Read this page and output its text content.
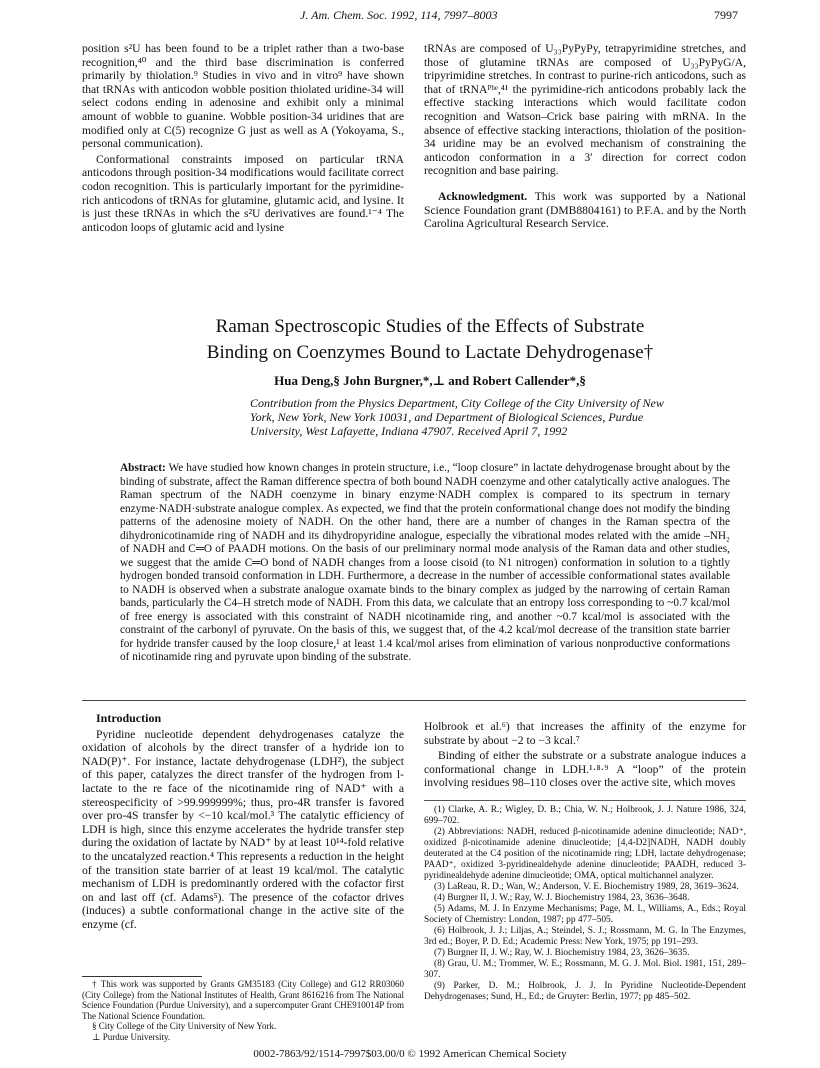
J. Am. Chem. Soc. 1992, 114, 7997–8003	7997

position s²U has been found to be a triplet rather than a two-base recognition,⁴⁰ and the third base discrimination is conferred primarily by thiolation.⁹ Studies in vivo and in vitro⁹ have shown that tRNAs with anticodon wobble position thiolated uridine-34 will select codons ending in adenosine and exhibit only a minimal amount of wobble to guanine. Wobble position-34 uridines that are modified only at C(5) recognize G just as well as A (Yokoyama, S., personal communication).

Conformational constraints imposed on particular tRNA anticodons through position-34 modifications would facilitate correct codon recognition. This is particularly important for the pyrimidine-rich anticodons of tRNAs for glutamine, glutamic acid, and lysine. It is just these tRNAs in which the s²U derivatives are found.¹⁻⁴ The anticodon loops of glutamic acid and lysine

tRNAs are composed of U₃₃PyPyPy, tetrapyrimidine stretches, and those of glutamine tRNAs are composed of U₃₃PyPyG/A, tripyrimidine stretches. In contrast to purine-rich anticodons, such as that of tRNAᴾʰᵉ,⁴¹ the pyrimidine-rich anticodons probably lack the effective stacking interactions which would facilitate codon recognition and Watson–Crick base pairing with mRNA. In the absence of effective stacking interactions, thiolation of the position-34 uridine may be an evolved mechanism of constraining the anticodon conformation in a 3′ direction for correct codon recognition and base pairing.

Acknowledgment. This work was supported by a National Science Foundation grant (DMB8804161) to P.F.A. and by the North Carolina Agricultural Research Service.

Raman Spectroscopic Studies of the Effects of Substrate
Binding on Coenzymes Bound to Lactate Dehydrogenase†
Hua Deng,§ John Burgner,*,⊥ and Robert Callender*,§
Contribution from the Physics Department, City College of the City University of New York, New York, New York 10031, and Department of Biological Sciences, Purdue University, West Lafayette, Indiana 47907. Received April 7, 1992
Abstract: We have studied how known changes in protein structure, i.e., “loop closure” in lactate dehydrogenase brought about by the binding of substrate, affect the Raman difference spectra of both bound NADH coenzyme and other catalytically active analogues. The Raman spectrum of the NADH coenzyme in binary enzyme·NADH complex is compared to its spectrum in ternary enzyme·NADH·substrate analogue complex. As expected, we find that the protein conformational change does not modify the binding patterns of the adenosine moiety of NADH. On the other hand, there are a number of changes in the Raman spectra of the dihydronicotinamide ring of NADH and its dihydropyridine analogue, especially the vibrational modes related with the amide –NH₂ of NADH and C═O of PAADH motions. On the basis of our preliminary normal mode analysis of the Raman data and other studies, we suggest that the amide C═O bond of NADH changes from a loose cisoid (to N1 nitrogen) conformation in solution to a tightly hydrogen bonded transoid conformation in LDH. Furthermore, a decrease in the number of accessible conformational states available to NADH is observed when a substrate analogue oxamate binds to the binary complex as judged by the narrowing of certain Raman bands, particularly the C4–H stretch mode of NADH. From this data, we calculate that an entropy loss corresponding to ~0.7 kcal/mol of free energy is associated with this constraint of NADH nicotinamide ring, and another ~0.7 kcal/mol is associated with the constraint of the carbonyl of pyruvate. On the basis of this, we suggest that, of the 4.2 kcal/mol decrease of the transition state barrier for hydride transfer caused by the loop closure,¹ at least 1.4 kcal/mol arises from elimination of various nonproductive conformations of nicotinamide ring and pyruvate upon binding of the substrate.

Introduction

Pyridine nucleotide dependent dehydrogenases catalyze the oxidation of alcohols by the direct transfer of a hydride ion to NAD(P)⁺. For instance, lactate dehydrogenase (LDH²), the subject of this paper, catalyzes the direct transfer of the hydrogen from l-lactate to the re face of the nicotinamide ring of NAD⁺ with a stereospecificity of >99.999999%; thus, pro-4R transfer is favored over pro-4S transfer by <−10 kcal/mol.³ The catalytic efficiency of LDH is high, since this enzyme accelerates the hydride transfer step during the oxidation of lactate by NAD⁺ by at least 10¹⁴-fold relative to the uncatalyzed reaction.⁴ This represents a reduction in the height of the transition state barrier of at least 19 kcal/mol. The catalytic mechanism of LDH is predominantly ordered with the cofactor first on and last off (cf. Adams⁵). The presence of the cofactor drives (induces) a subtle conformational change in the active site of the enzyme (cf.

Holbrook et al.⁶) that increases the affinity of the enzyme for substrate by about −2 to −3 kcal.⁷

Binding of either the substrate or a substrate analogue induces a conformational change in LDH.¹·⁸·⁹ A “loop” of the protein involving residues 98–110 closes over the active site, which moves

† This work was supported by Grants GM35183 (City College) and G12 RR03060 (City College) from the National Institutes of Health, Grant 8616216 from The National Science Foundation (Purdue University), and a supercomputer Grant CHE910014P from The National Science Foundation.

§ City College of the City University of New York.

⊥ Purdue University.

(1) Clarke, A. R.; Wigley, D. B.; Chia, W. N.; Holbrook, J. J. Nature 1986, 324, 699–702.

(2) Abbreviations: NADH, reduced β-nicotinamide adenine dinucleotide; NAD⁺, oxidized β-nicotinamide adenine dinucleotide; [4,4-D2]NADH, NADH doubly deuterated at the C4 position of the nicotinamide ring; LDH, lactate dehydrogenase; PAAD⁺, oxidized 3-pyridinealdehyde adenine dinucleotide; PAADH, reduced 3-pyridinealdehyde adenine dinucleotide; OMA, optical multichannel analyzer.

(3) LaReau, R. D.; Wan, W.; Anderson, V. E. Biochemistry 1989, 28, 3619–3624.

(4) Burgner II, J. W.; Ray, W. J. Biochemistry 1984, 23, 3636–3648.

(5) Adams, M. J. In Enzyme Mechanisms; Page, M. I., Williams, A., Eds.; Royal Society of Chemistry: London, 1987; pp 477–505.

(6) Holbrook, J. J.; Liljas, A.; Steindel, S. J.; Rossmann, M. G. In The Enzymes, 3rd ed.; Boyer, P. D. Ed.; Academic Press: New York, 1975; pp 191–293.

(7) Burgner II, J. W.; Ray, W. J. Biochemistry 1984, 23, 3626–3635.

(8) Grau, U. M.; Trommer, W. E.; Rossmann, M. G. J. Mol. Biol. 1981, 151, 289–307.

(9) Parker, D. M.; Holbrook, J. J. In Pyridine Nucleotide-Dependent Dehydrogenases; Sund, H., Ed.; de Gruyter: Berlin, 1977; pp 485–502.

0002-7863/92/1514-7997$03.00/0 © 1992 American Chemical Society
